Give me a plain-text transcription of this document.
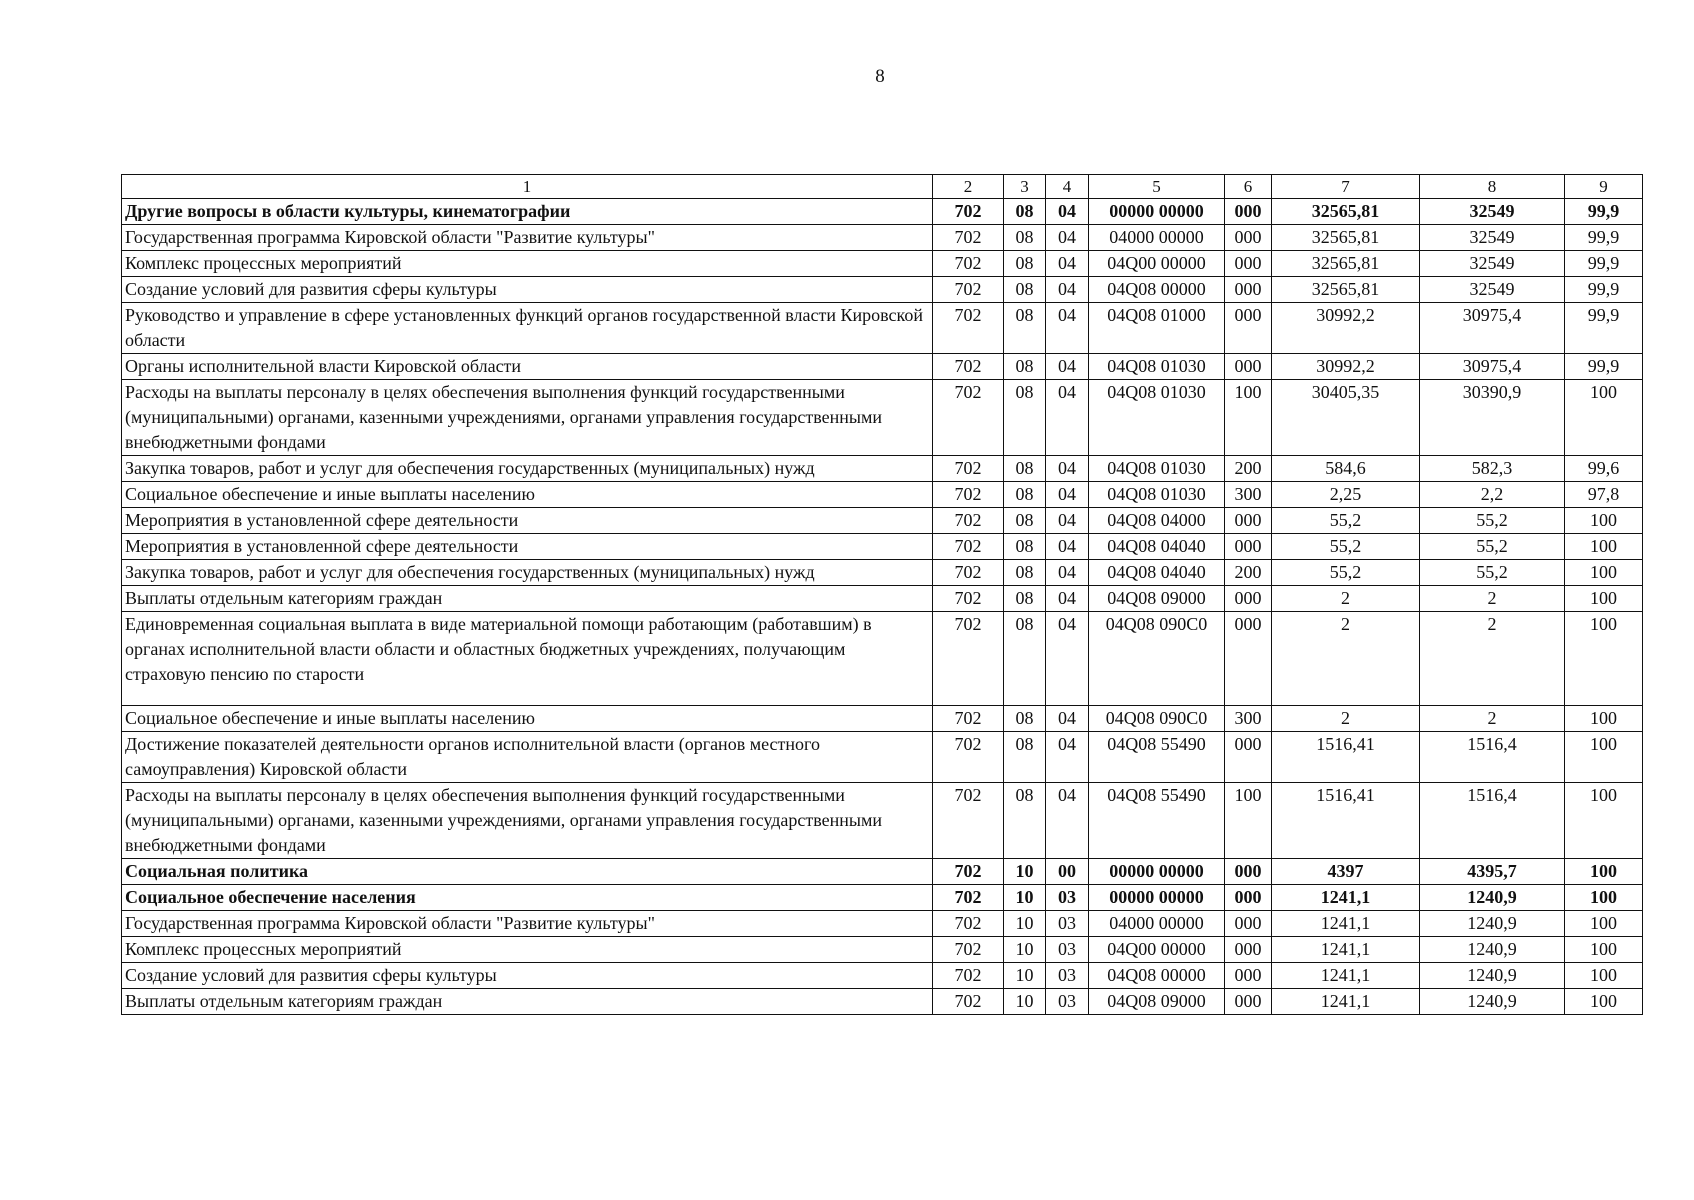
8
1	2	3	4	5	6	7	8	9
Другие вопросы в области культуры, кинематографии	702	08	04	00000 00000	000	32565,81	32549	99,9
Государственная программа Кировской области "Развитие культуры"	702	08	04	04000 00000	000	32565,81	32549	99,9
Комплекс процессных мероприятий	702	08	04	04Q00 00000	000	32565,81	32549	99,9
Создание условий для развития сферы культуры	702	08	04	04Q08 00000	000	32565,81	32549	99,9
Руководство и управление в сфере установленных функций органов государственной власти Кировской области	702	08	04	04Q08 01000	000	30992,2	30975,4	99,9
Органы исполнительной власти Кировской области	702	08	04	04Q08 01030	000	30992,2	30975,4	99,9
Расходы на выплаты персоналу в целях обеспечения выполнения функций государственными (муниципальными) органами, казенными учреждениями, органами управления государственными внебюджетными фондами	702	08	04	04Q08 01030	100	30405,35	30390,9	100
Закупка товаров, работ и услуг для обеспечения государственных (муниципальных) нужд	702	08	04	04Q08 01030	200	584,6	582,3	99,6
Социальное обеспечение и иные выплаты населению	702	08	04	04Q08 01030	300	2,25	2,2	97,8
Мероприятия в установленной сфере деятельности	702	08	04	04Q08 04000	000	55,2	55,2	100
Мероприятия в установленной сфере деятельности	702	08	04	04Q08 04040	000	55,2	55,2	100
Закупка товаров, работ и услуг для обеспечения государственных (муниципальных) нужд	702	08	04	04Q08 04040	200	55,2	55,2	100
Выплаты отдельным категориям граждан	702	08	04	04Q08 09000	000	2	2	100
Единовременная социальная выплата в виде материальной помощи работающим (работавшим) в органах исполнительной власти области и областных бюджетных учреждениях, получающим страховую пенсию по старости	702	08	04	04Q08 090C0	000	2	2	100
Социальное обеспечение и иные выплаты населению	702	08	04	04Q08 090C0	300	2	2	100
Достижение показателей деятельности органов исполнительной власти (органов местного самоуправления) Кировской области	702	08	04	04Q08 55490	000	1516,41	1516,4	100
Расходы на выплаты персоналу в целях обеспечения выполнения функций государственными (муниципальными) органами, казенными учреждениями, органами управления государственными внебюджетными фондами	702	08	04	04Q08 55490	100	1516,41	1516,4	100
Социальная политика	702	10	00	00000 00000	000	4397	4395,7	100
Социальное обеспечение населения	702	10	03	00000 00000	000	1241,1	1240,9	100
Государственная программа Кировской области "Развитие культуры"	702	10	03	04000 00000	000	1241,1	1240,9	100
Комплекс процессных мероприятий	702	10	03	04Q00 00000	000	1241,1	1240,9	100
Создание условий для развития сферы культуры	702	10	03	04Q08 00000	000	1241,1	1240,9	100
Выплаты отдельным категориям граждан	702	10	03	04Q08 09000	000	1241,1	1240,9	100
